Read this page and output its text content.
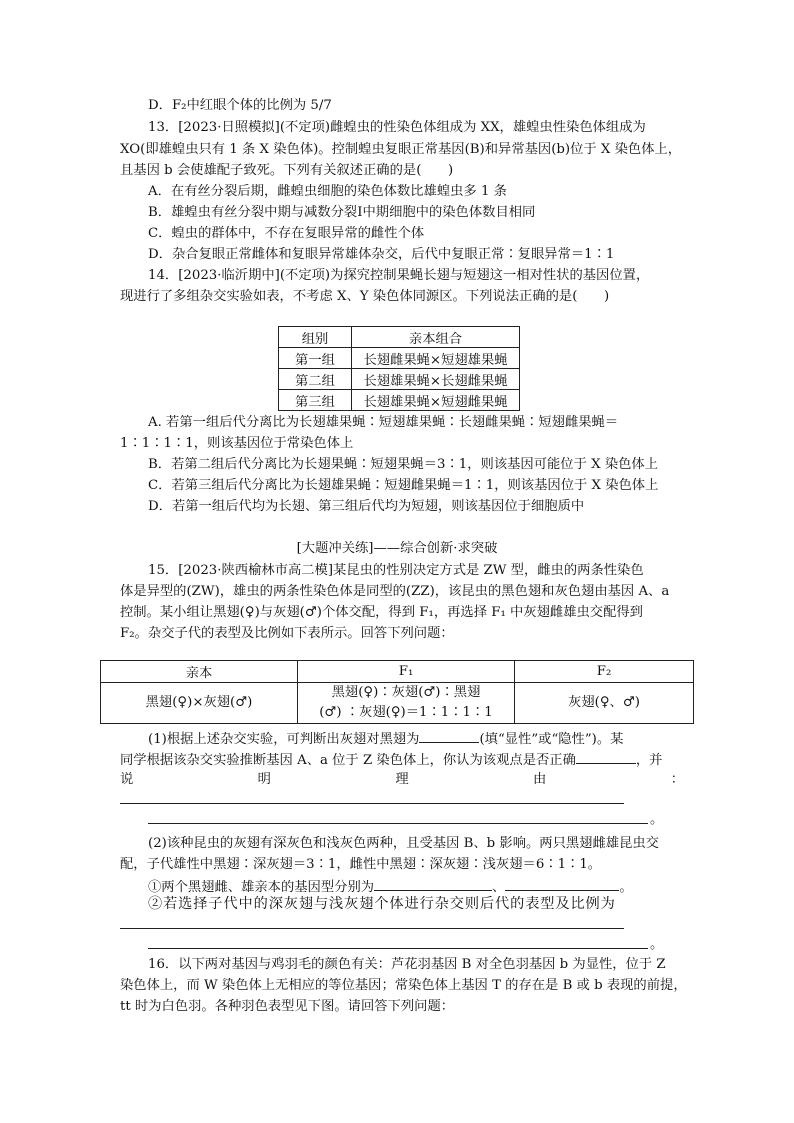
D．F₂中红眼个体的比例为 5/7
13．[2023·日照模拟](不定项)雌蝗虫的性染色体组成为 XX，雄蝗虫性染色体组成为
XO(即雄蝗虫只有 1 条 X 染色体)。控制蝗虫复眼正常基因(B)和异常基因(b)位于 X 染色体上，
且基因 b 会使雄配子致死。下列有关叙述正确的是(　　)
A．在有丝分裂后期，雌蝗虫细胞的染色体数比雄蝗虫多 1 条
B．雄蝗虫有丝分裂中期与减数分裂Ⅰ中期细胞中的染色体数目相同
C．蝗虫的群体中，不存在复眼异常的雌性个体
D．杂合复眼正常雌体和复眼异常雄体杂交，后代中复眼正常∶复眼异常＝1∶1
14．[2023·临沂期中](不定项)为探究控制果蝇长翅与短翅这一相对性状的基因位置，
现进行了多组杂交实验如表，不考虑 X、Y 染色体同源区。下列说法正确的是(　　)
组别	亲本组合
第一组	长翅雌果蝇×短翅雄果蝇
第二组	长翅雄果蝇×长翅雌果蝇
第三组	长翅雄果蝇×短翅雌果蝇
A. 若第一组后代分离比为长翅雄果蝇∶短翅雄果蝇∶长翅雌果蝇∶短翅雌果蝇＝
1∶1∶1∶1，则该基因位于常染色体上
B．若第二组后代分离比为长翅果蝇∶短翅果蝇＝3∶1，则该基因可能位于 X 染色体上
C．若第三组后代分离比为长翅雄果蝇∶短翅雌果蝇＝1∶1，则该基因位于 X 染色体上
D．若第一组后代均为长翅、第三组后代均为短翅，则该基因位于细胞质中
[大题冲关练]——综合创新·求突破
15．[2023·陕西榆林市高二模]某昆虫的性别决定方式是 ZW 型，雌虫的两条性染色
体是异型的(ZW)，雄虫的两条性染色体是同型的(ZZ)，该昆虫的黑色翅和灰色翅由基因 A、a
控制。某小组让黑翅(♀)与灰翅(♂)个体交配，得到 F₁，再选择 F₁ 中灰翅雌雄虫交配得到
F₂。杂交子代的表型及比例如下表所示。回答下列问题：
亲本	F₁	F₂
黑翅(♀)×灰翅(♂)	黑翅(♀)∶灰翅(♂)∶黑翅
(♂) ∶灰翅(♀)＝1∶1∶1∶1	灰翅(♀、♂)
(1)根据上述杂交实验，可判断出灰翅对黑翅为	(填“显性”或“隐性”)。某
同学根据该杂交实验推断基因 A、a 位于 Z 染色体上，你认为该观点是否正确	，并
说	明	理	由	：
。
(2)该种昆虫的灰翅有深灰色和浅灰色两种，且受基因 B、b 影响。两只黑翅雌雄昆虫交
配，子代雄性中黑翅∶深灰翅＝3∶1，雌性中黑翅∶深灰翅∶浅灰翅＝6∶1∶1。
①两个黑翅雌、雄亲本的基因型分别为	、	。
②若选择子代中的深灰翅与浅灰翅个体进行杂交则后代的表型及比例为
。
16．以下两对基因与鸡羽毛的颜色有关：芦花羽基因 B 对全色羽基因 b 为显性，位于 Z
染色体上，而 W 染色体上无相应的等位基因；常染色体上基因 T 的存在是 B 或 b 表现的前提，
tt 时为白色羽。各种羽色表型见下图。请回答下列问题：
